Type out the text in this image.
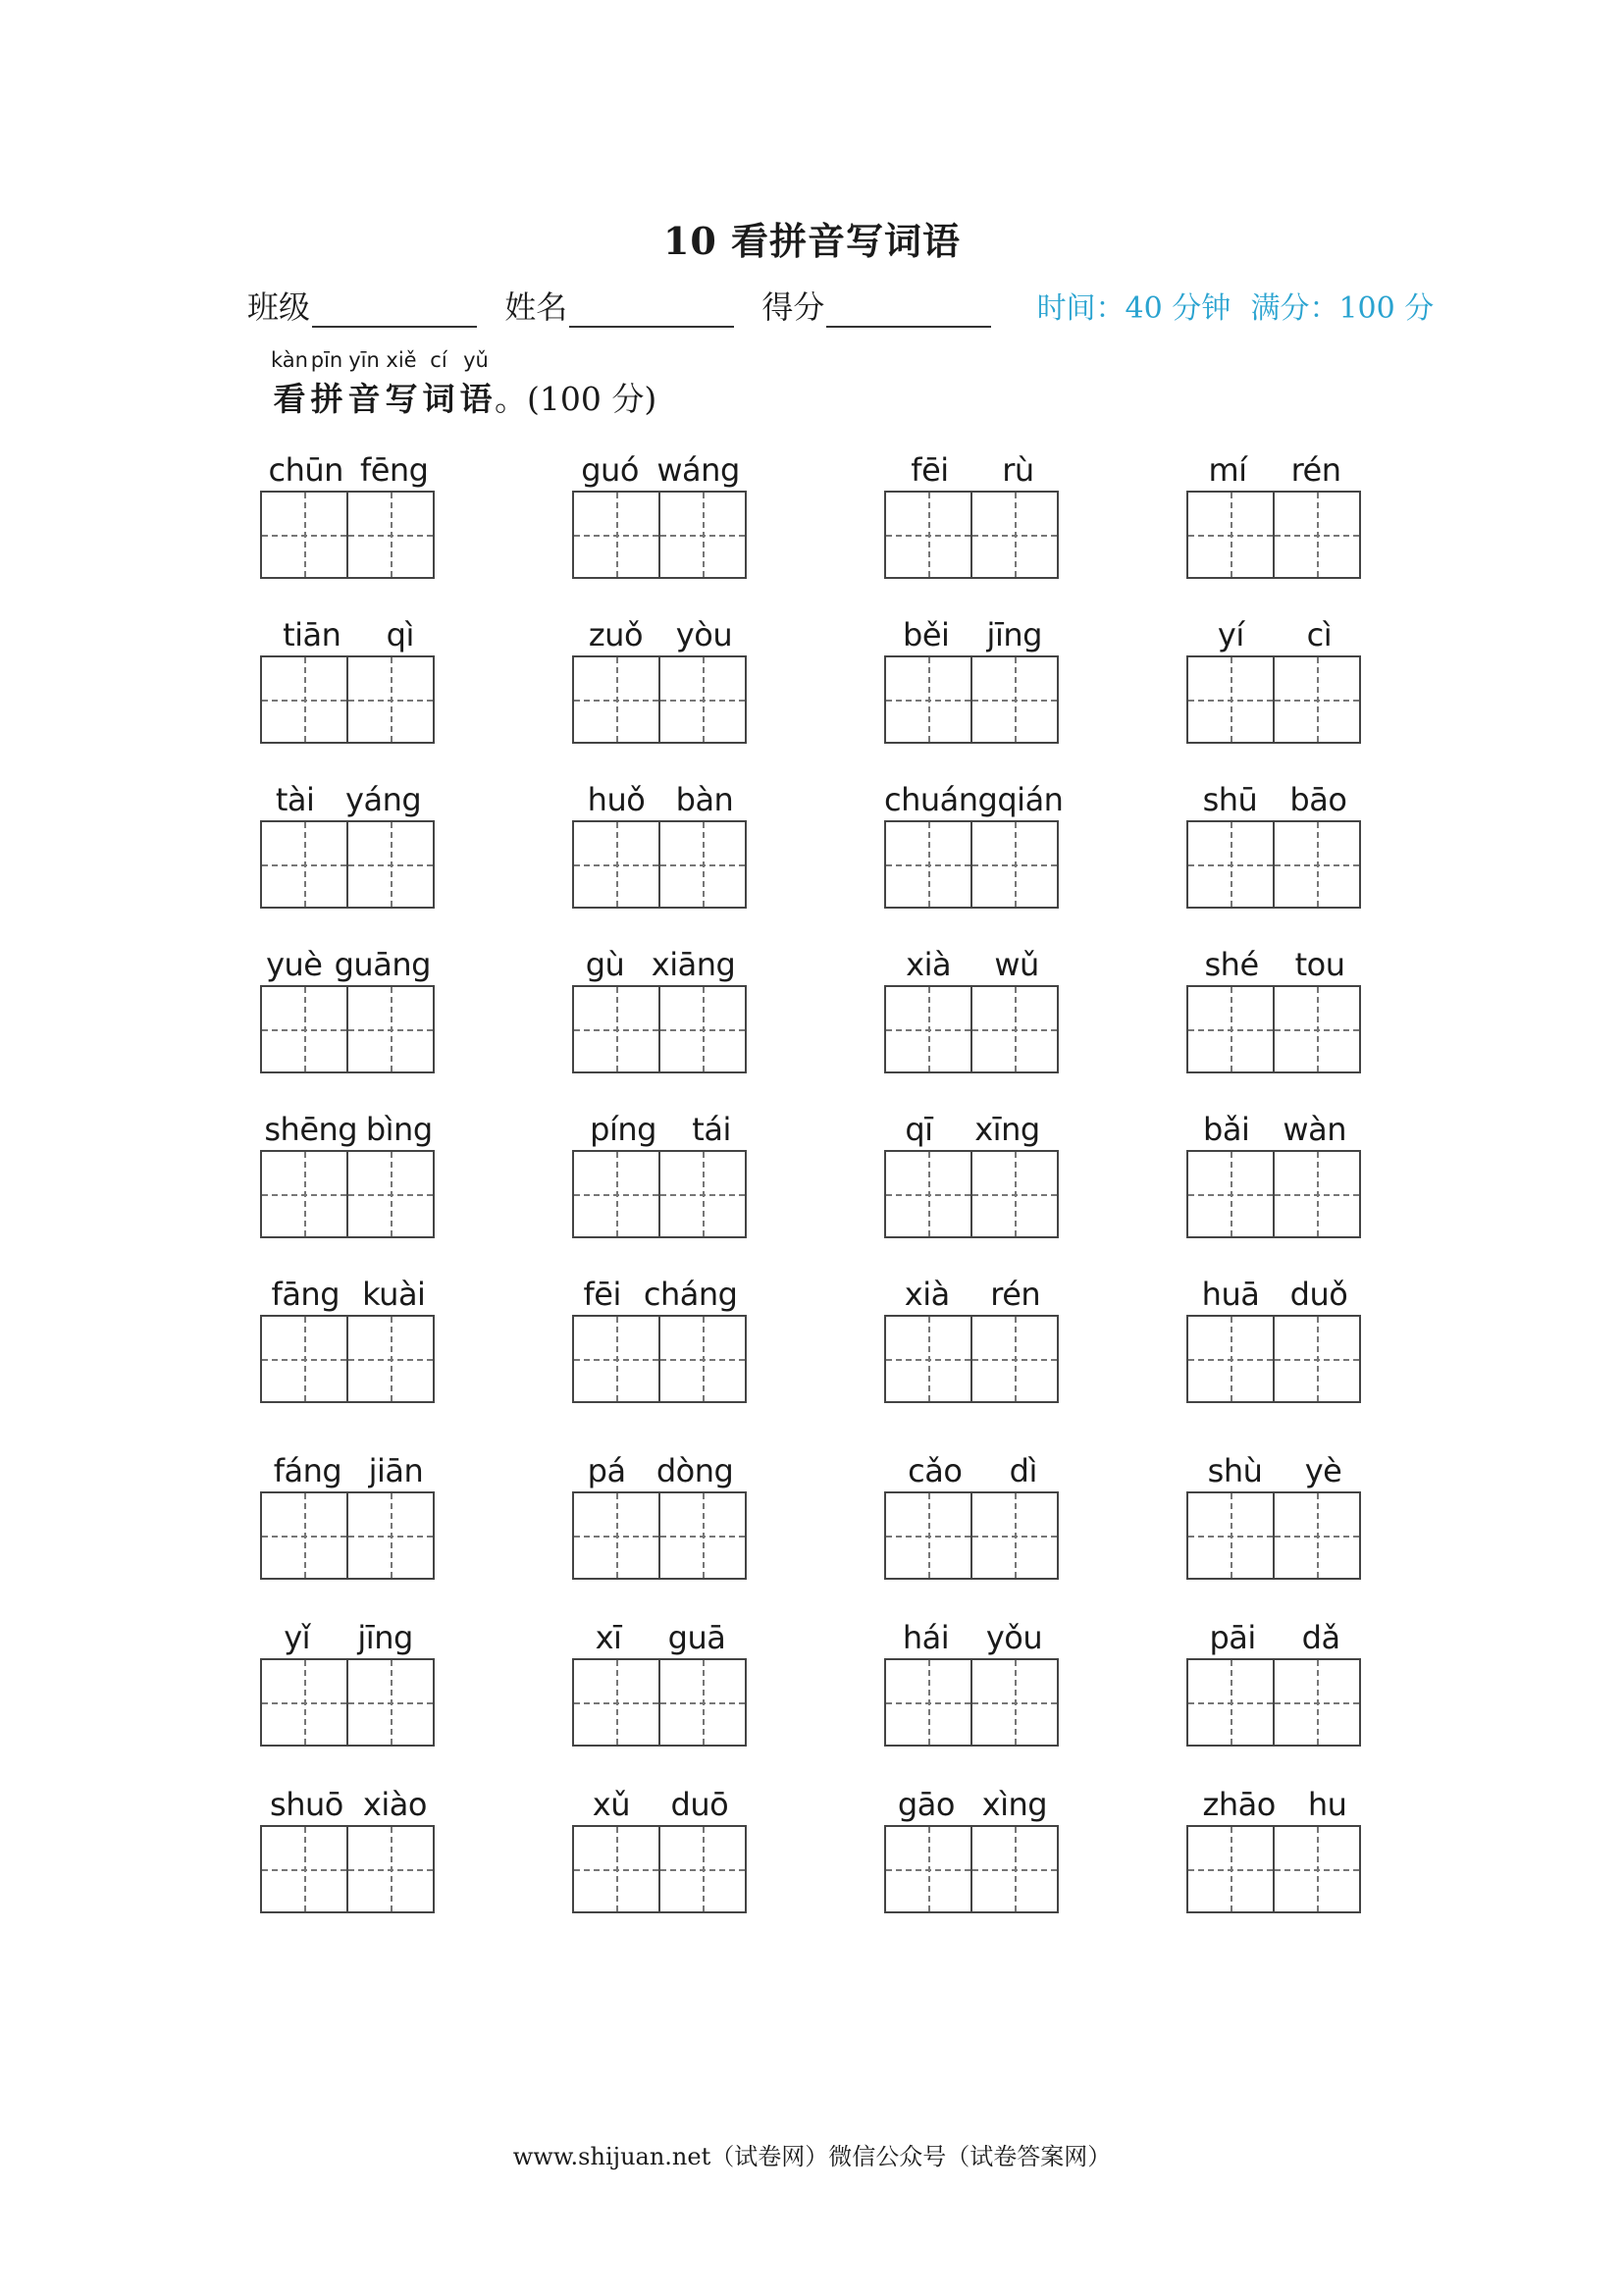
10 看拼音写词语
班级	姓名	得分	时间：40 分钟 满分：100 分
kàn pīn yīn xiě cí yǔ
看 拼 音 写 词 语。(100 分)
chūn fēng	guó wáng	fēi rù	mí rén
tiān qì	zuǒ yòu	běi jīng	yí cì
tài yáng	huǒ bàn	chuáng qián	shū bāo
yuè guāng	gù xiāng	xià wǔ	shé tou
shēng bìng	píng tái	qī xīng	bǎi wàn
fāng kuài	fēi cháng	xià rén	huā duǒ
fáng jiān	pá dòng	cǎo dì	shù yè
yǐ jīng	xī guā	hái yǒu	pāi dǎ
shuō xiào	xǔ duō	gāo xìng	zhāo hu
www.shijuan.net（试卷网）微信公众号（试卷答案网）
